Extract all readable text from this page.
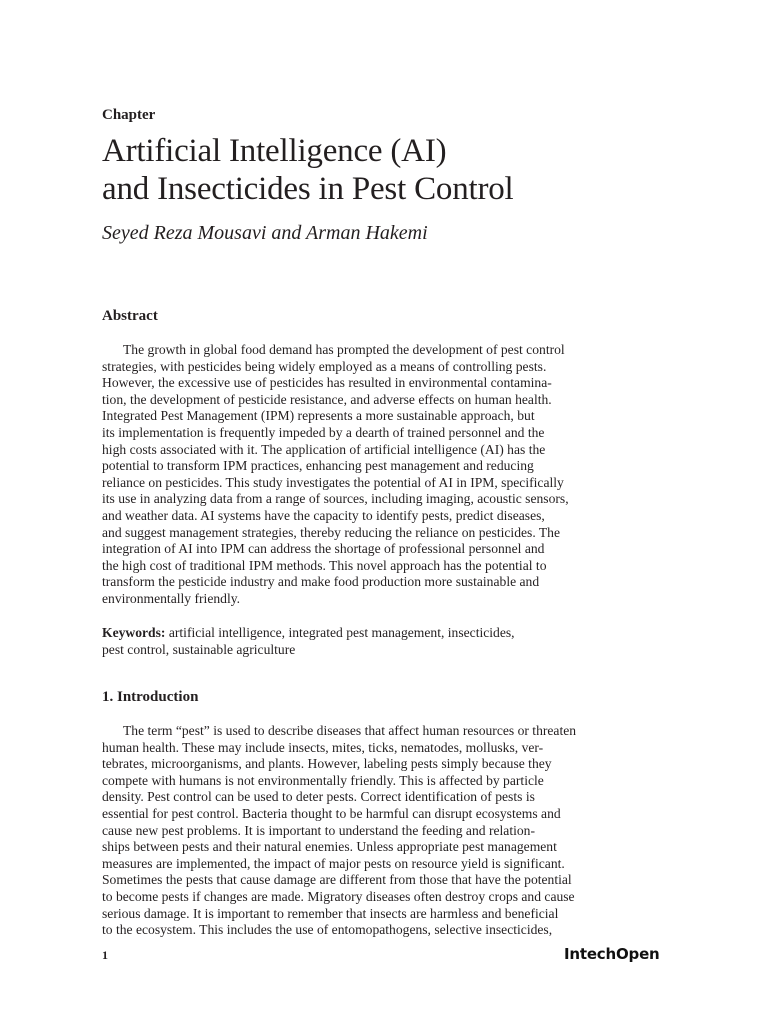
Chapter
Artificial Intelligence (AI)
and Insecticides in Pest Control
Seyed Reza Mousavi and Arman Hakemi
Abstract
The growth in global food demand has prompted the development of pest control
strategies, with pesticides being widely employed as a means of controlling pests.
However, the excessive use of pesticides has resulted in environmental contamina-
tion, the development of pesticide resistance, and adverse effects on human health.
Integrated Pest Management (IPM) represents a more sustainable approach, but
its implementation is frequently impeded by a dearth of trained personnel and the
high costs associated with it. The application of artificial intelligence (AI) has the
potential to transform IPM practices, enhancing pest management and reducing
reliance on pesticides. This study investigates the potential of AI in IPM, specifically
its use in analyzing data from a range of sources, including imaging, acoustic sensors,
and weather data. AI systems have the capacity to identify pests, predict diseases,
and suggest management strategies, thereby reducing the reliance on pesticides. The
integration of AI into IPM can address the shortage of professional personnel and
the high cost of traditional IPM methods. This novel approach has the potential to
transform the pesticide industry and make food production more sustainable and
environmentally friendly.

Keywords: artificial intelligence, integrated pest management, insecticides,
pest control, sustainable agriculture

1. Introduction
The term “pest” is used to describe diseases that affect human resources or threaten
human health. These may include insects, mites, ticks, nematodes, mollusks, ver-
tebrates, microorganisms, and plants. However, labeling pests simply because they
compete with humans is not environmentally friendly. This is affected by particle
density. Pest control can be used to deter pests. Correct identification of pests is
essential for pest control. Bacteria thought to be harmful can disrupt ecosystems and
cause new pest problems. It is important to understand the feeding and relation-
ships between pests and their natural enemies. Unless appropriate pest management
measures are implemented, the impact of major pests on resource yield is significant.
Sometimes the pests that cause damage are different from those that have the potential
to become pests if changes are made. Migratory diseases often destroy crops and cause
serious damage. It is important to remember that insects are harmless and beneficial
to the ecosystem. This includes the use of entomopathogens, selective insecticides,
1	IntechOpen
